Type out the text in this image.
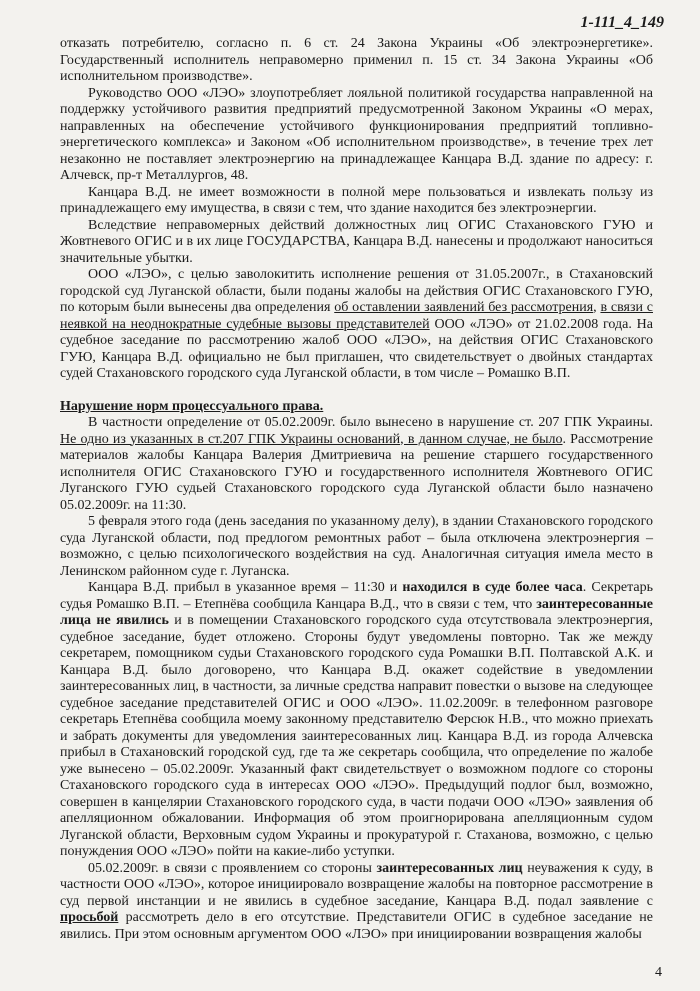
1-111_4_149

отказать потребителю, согласно п. 6 ст. 24 Закона Украины «Об электроэнергетике». Государственный исполнитель неправомерно применил п. 15 ст. 34 Закона Украины «Об исполнительном производстве».

Руководство ООО «ЛЭО» злоупотребляет лояльной политикой государства направленной на поддержку устойчивого развития предприятий предусмотренной Законом Украины «О мерах, направленных на обеспечение устойчивого функционирования предприятий топливно-энергетического комплекса» и Законом «Об исполнительном производстве», в течение трех лет незаконно не поставляет электроэнергию на принадлежащее Канцара В.Д. здание по адресу: г. Алчевск, пр-т Металлургов, 48.

Канцара В.Д. не имеет возможности в полной мере пользоваться и извлекать пользу из принадлежащего ему имущества, в связи с тем, что здание находится без электроэнергии.

Вследствие неправомерных действий должностных лиц ОГИС Стахановского ГУЮ и Жовтневого ОГИС и в их лице ГОСУДАРСТВА, Канцара В.Д. нанесены и продолжают наноситься значительные убытки.

ООО «ЛЭО», с целью заволокитить исполнение решения от 31.05.2007г., в Стахановский городской суд Луганской области, были поданы жалобы на действия ОГИС Стахановского ГУЮ, по которым были вынесены два определения об оставлении заявлений без рассмотрения, в связи с неявкой на неоднократные судебные вызовы представителей ООО «ЛЭО» от 21.02.2008 года. На судебное заседание по рассмотрению жалоб ООО «ЛЭО», на действия ОГИС Стахановского ГУЮ, Канцара В.Д. официально не был приглашен, что свидетельствует о двойных стандартах судей Стахановского городского суда Луганской области, в том числе – Ромашко В.П.

Нарушение норм процессуального права.

В частности определение от 05.02.2009г. было вынесено в нарушение ст. 207 ГПК Украины. Не одно из указанных в ст.207 ГПК Украины оснований, в данном случае, не было. Рассмотрение материалов жалобы Канцара Валерия Дмитриевича на решение старшего государственного исполнителя ОГИС Стахановского ГУЮ и государственного исполнителя Жовтневого ОГИС Луганского ГУЮ судьей Стахановского городского суда Луганской области было назначено 05.02.2009г. на 11:30.

5 февраля этого года (день заседания по указанному делу), в здании Стахановского городского суда Луганской области, под предлогом ремонтных работ – была отключена электроэнергия – возможно, с целью психологического воздействия на суд. Аналогичная ситуация имела место в Ленинском районном суде г. Луганска.

Канцара В.Д. прибыл в указанное время – 11:30 и находился в суде более часа. Секретарь судья Ромашко В.П. – Етепнёва сообщила Канцара В.Д., что в связи с тем, что заинтересованные лица не явились и в помещении Стахановского городского суда отсутствовала электроэнергия, судебное заседание, будет отложено. Стороны будут уведомлены повторно. Так же между секретарем, помощником судьи Стахановского городского суда Ромашки В.П. Полтавской А.К. и Канцара В.Д. было договорено, что Канцара В.Д. окажет содействие в уведомлении заинтересованных лиц, в частности, за личные средства направит повестки о вызове на следующее судебное заседание представителей ОГИС и ООО «ЛЭО». 11.02.2009г. в телефонном разговоре секретарь Етепнёва сообщила моему законному представителю Ферсюк Н.В., что можно приехать и забрать документы для уведомления заинтересованных лиц. Канцара В.Д. из города Алчевска прибыл в Стахановский городской суд, где та же секретарь сообщила, что определение по жалобе уже вынесено – 05.02.2009г. Указанный факт свидетельствует о возможном подлоге со стороны Стахановского городского суда в интересах ООО «ЛЭО». Предыдущий подлог был, возможно, совершен в канцелярии Стахановского городского суда, в части подачи ООО «ЛЭО» заявления об апелляционном обжаловании. Информация об этом проигнорирована апелляционным судом Луганской области, Верховным судом Украины и прокуратурой г. Стаханова, возможно, с целью понуждения ООО «ЛЭО» пойти на какие-либо уступки.

05.02.2009г. в связи с проявлением со стороны заинтересованных лиц неуважения к суду, в частности ООО «ЛЭО», которое инициировало возвращение жалобы на повторное рассмотрение в суд первой инстанции и не явились в судебное заседание, Канцара В.Д. подал заявление с просьбой рассмотреть дело в его отсутствие. Представители ОГИС в судебное заседание не явились. При этом основным аргументом ООО «ЛЭО» при инициировании возвращения жалобы

4
